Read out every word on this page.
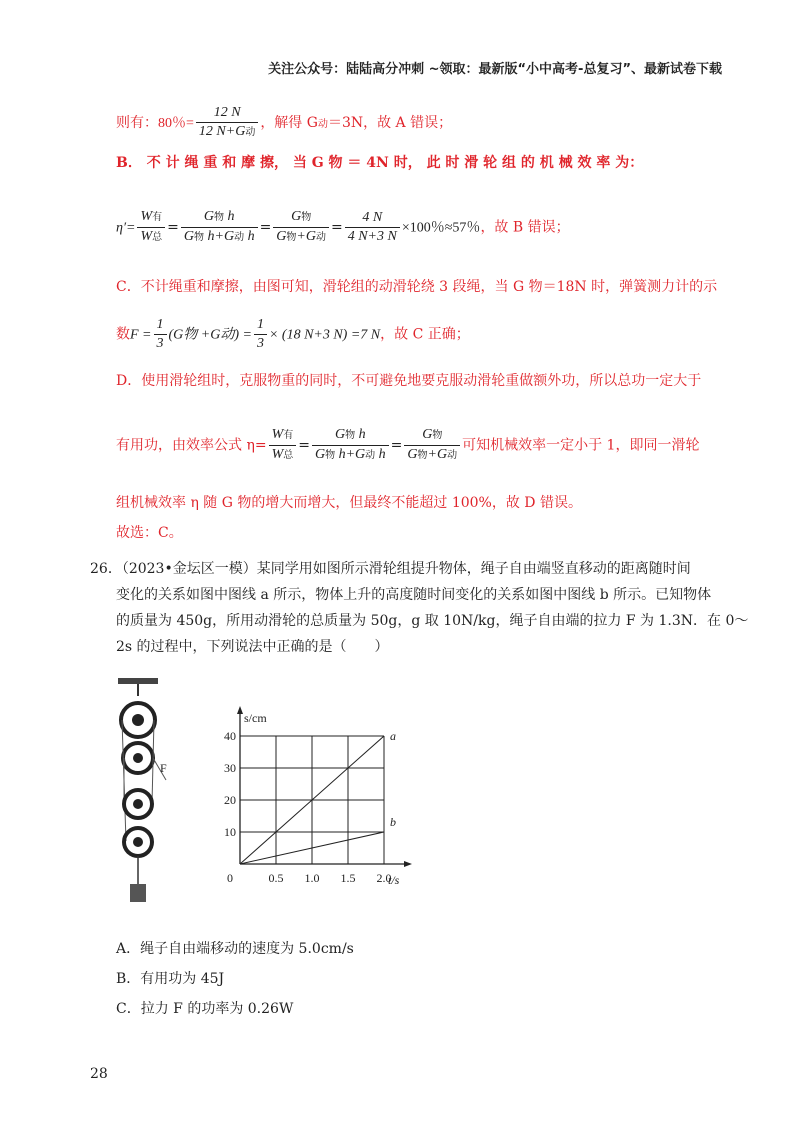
关注公众号：陆陆高分冲刺 ~领取：最新版“小中高考-总复习”、最新试卷下载
则有：80％= $\frac{12 N}{\text{12 N+G动}}$ ，解得 G动＝3N，故 A 错误；
B． 不 计 绳 重 和 摩 擦， 当 G 物 ＝ 4N 时， 此 时 滑 轮 组 的 机 械 效 率 为：
$\eta'= \frac{\text{W有}}{\text{W总}} = \frac{\text{G物 h}}{\text{G物 h+G动 h}} = \frac{\text{G物}}{\text{G物+G动}} = \frac{4 N}{4 N+3 N} \times 100$％≈57％，故 B 错误；
C．不计绳重和摩擦，由图可知，滑轮组的动滑轮绕 3 段绳，当 G 物＝18N 时，弹簧测力计的示
数$F = \frac{1}{3} (G$物 +G动) = $\frac{1}{3} \times (18$ N+3 N) =7 N，故 C 正确；
D．使用滑轮组时，克服物重的同时，不可避免地要克服动滑轮重做额外功，所以总功一定大于
有用功，由效率公式 $\eta= \frac{\text{W有}}{\text{W总}} = \frac{\text{G物 h}}{\text{G物 h+G动 h}} = \frac{\text{G物}}{\text{G物+G动}}$ 可知机械效率一定小于 1，即同一滑轮
组机械效率 η 随 G 物的增大而增大，但最终不能超过 100%，故 D 错误。
故选：C。
26．（2023•金坛区一模）某同学用如图所示滑轮组提升物体，绳子自由端竖直移动的距离随时间
变化的关系如图中图线 a 所示，物体上升的高度随时间变化的关系如图中图线 b 所示。已知物体
的质量为 450g，所用动滑轮的总质量为 50g，g 取 10N/kg，绳子自由端的拉力 F 为 1.3N．在 0～
2s 的过程中，下列说法中正确的是（　　）
F
a
b
0	0.5 1.0 1.5 2.0
10
20
30
40
s/cm
t/s
A．绳子自由端移动的速度为 5.0cm/s
B．有用功为 45J
C．拉力 F 的功率为 0.26W
28
